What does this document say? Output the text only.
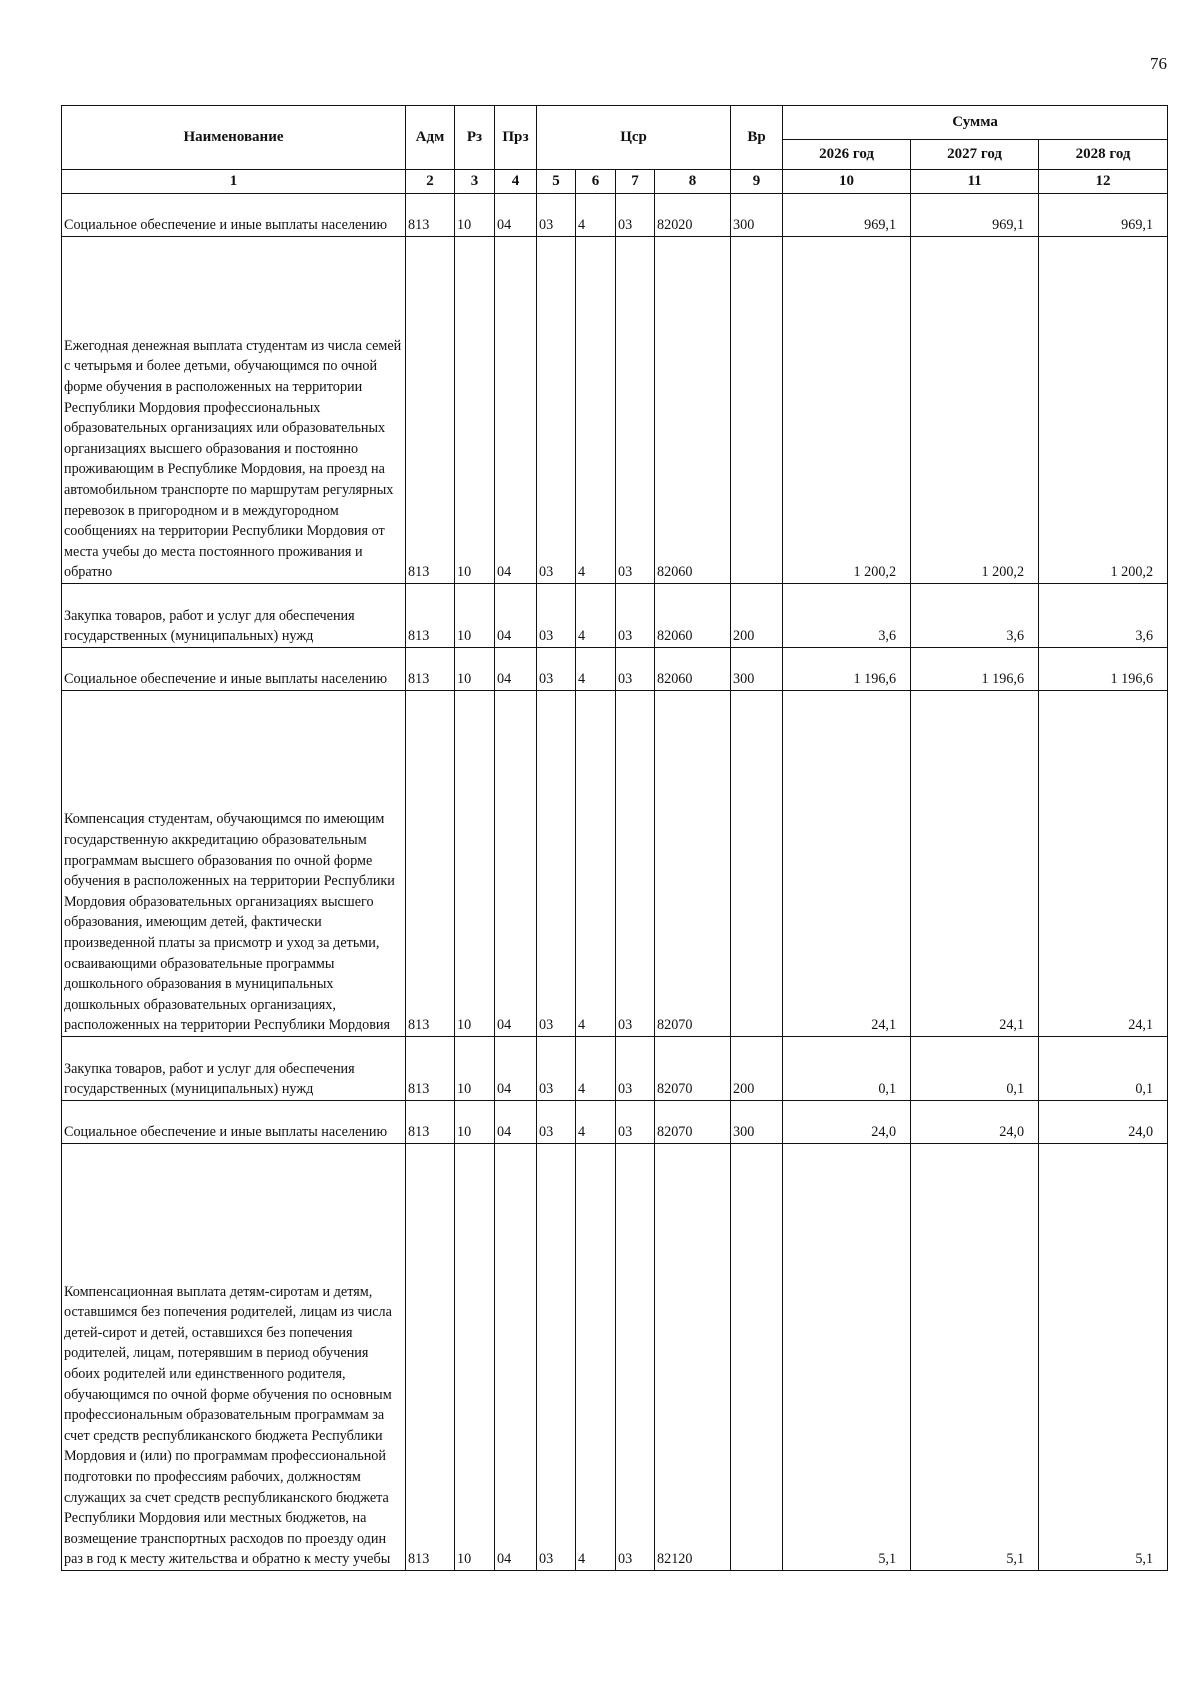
76
Наименование	Адм	Рз	Прз	Цср				Вр	Сумма		
									2026 год	2027 год	2028 год
1	2	3	4	5	6	7	8	9	10	11	12
Социальное обеспечение и иные выплаты населению	813	10	04	03	4	03	82020	300	969,1	969,1	969,1
Ежегодная денежная выплата студентам из числа семей с четырьмя и более детьми, обучающимся по очной форме обучения в расположенных на территории Республики Мордовия профессиональных образовательных организациях или образовательных организациях высшего образования и постоянно проживающим в Республике Мордовия, на проезд на автомобильном транспорте по маршрутам регулярных перевозок в пригородном и в междугородном сообщениях на территории Республики Мордовия от места учебы до места постоянного проживания и обратно	813	10	04	03	4	03	82060		1 200,2	1 200,2	1 200,2
Закупка товаров, работ и услуг для обеспечения государственных (муниципальных) нужд	813	10	04	03	4	03	82060	200	3,6	3,6	3,6
Социальное обеспечение и иные выплаты населению	813	10	04	03	4	03	82060	300	1 196,6	1 196,6	1 196,6
Компенсация студентам, обучающимся по имеющим государственную аккредитацию образовательным программам высшего образования по очной форме обучения в расположенных на территории Республики Мордовия образовательных организациях высшего образования, имеющим детей, фактически произведенной платы за присмотр и уход за детьми, осваивающими образовательные программы дошкольного образования в муниципальных дошкольных образовательных организациях, расположенных на территории Республики Мордовия	813	10	04	03	4	03	82070		24,1	24,1	24,1
Закупка товаров, работ и услуг для обеспечения государственных (муниципальных) нужд	813	10	04	03	4	03	82070	200	0,1	0,1	0,1
Социальное обеспечение и иные выплаты населению	813	10	04	03	4	03	82070	300	24,0	24,0	24,0
Компенсационная выплата детям-сиротам и детям, оставшимся без попечения родителей, лицам из числа детей-сирот и детей, оставшихся без попечения родителей, лицам, потерявшим в период обучения обоих родителей или единственного родителя, обучающимся по очной форме обучения по основным профессиональным образовательным программам за счет средств республиканского бюджета Республики Мордовия и (или) по программам профессиональной подготовки по профессиям рабочих, должностям служащих за счет средств республиканского бюджета Республики Мордовия или местных бюджетов, на возмещение транспортных расходов по проезду один раз в год к месту жительства и обратно к месту учебы	813	10	04	03	4	03	82120		5,1	5,1	5,1
